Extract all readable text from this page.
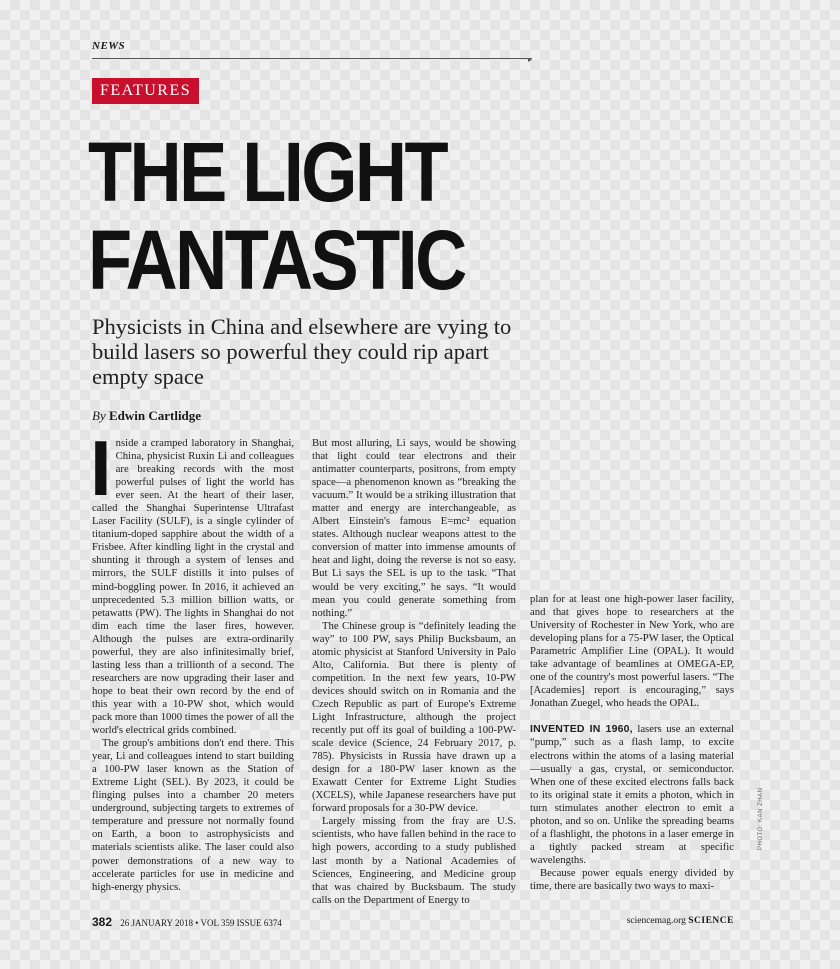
NEWS
▸
FEATURES
THE LIGHT
FANTASTIC

Physicists in China and elsewhere are vying to build lasers so powerful they could rip apart empty space

By Edwin Cartlidge

Inside a cramped laboratory in Shanghai, China, physicist Ruxin Li and colleagues are breaking records with the most powerful pulses of light the world has ever seen. At the heart of their laser, called the Shanghai Superintense Ultrafast Laser Facility (SULF), is a single cylinder of titanium-doped sapphire about the width of a Frisbee. After kindling light in the crystal and shunting it through a system of lenses and mirrors, the SULF distills it into pulses of mind-boggling power. In 2016, it achieved an unprecedented 5.3 million billion watts, or petawatts (PW). The lights in Shanghai do not dim each time the laser fires, however. Although the pulses are extra-ordinarily powerful, they are also infinitesimally brief, lasting less than a trillionth of a second. The researchers are now upgrading their laser and hope to beat their own record by the end of this year with a 10-PW shot, which would pack more than 1000 times the power of all the world's electrical grids combined.

The group's ambitions don't end there. This year, Li and colleagues intend to start building a 100-PW laser known as the Station of Extreme Light (SEL). By 2023, it could be flinging pulses into a chamber 20 meters underground, subjecting targets to extremes of temperature and pressure not normally found on Earth, a boon to astrophysicists and materials scientists alike. The laser could also power demonstrations of a new way to accelerate particles for use in medicine and high-energy physics.

But most alluring, Li says, would be showing that light could tear electrons and their antimatter counterparts, positrons, from empty space—a phenomenon known as “breaking the vacuum.” It would be a striking illustration that matter and energy are interchangeable, as Albert Einstein's famous E=mc² equation states. Although nuclear weapons attest to the conversion of matter into immense amounts of heat and light, doing the reverse is not so easy. But Li says the SEL is up to the task. “That would be very exciting,” he says. “It would mean you could generate something from nothing.”

The Chinese group is “definitely leading the way” to 100 PW, says Philip Bucksbaum, an atomic physicist at Stanford University in Palo Alto, California. But there is plenty of competition. In the next few years, 10-PW devices should switch on in Romania and the Czech Republic as part of Europe's Extreme Light Infrastructure, although the project recently put off its goal of building a 100-PW-scale device (Science, 24 February 2017, p. 785). Physicists in Russia have drawn up a design for a 180-PW laser known as the Exawatt Center for Extreme Light Studies (XCELS), while Japanese researchers have put forward proposals for a 30-PW device.

Largely missing from the fray are U.S. scientists, who have fallen behind in the race to high powers, according to a study published last month by a National Academies of Sciences, Engineering, and Medicine group that was chaired by Bucksbaum. The study calls on the Department of Energy to

plan for at least one high-power laser facility, and that gives hope to researchers at the University of Rochester in New York, who are developing plans for a 75-PW laser, the Optical Parametric Amplifier Line (OPAL). It would take advantage of beamlines at OMEGA-EP, one of the country's most powerful lasers. “The [Academies] report is encouraging,” says Jonathan Zuegel, who heads the OPAL.

INVENTED IN 1960, lasers use an external “pump,” such as a flash lamp, to excite electrons within the atoms of a lasing material—usually a gas, crystal, or semiconductor. When one of these excited electrons falls back to its original state it emits a photon, which in turn stimulates another electron to emit a photon, and so on. Unlike the spreading beams of a flashlight, the photons in a laser emerge in a tightly packed stream at specific wavelengths.

Because power equals energy divided by time, there are basically two ways to maxi-

PHOTO: KAN ZHAN
382 26 JANUARY 2018 • VOL 359 ISSUE 6374	sciencemag.org SCIENCE
